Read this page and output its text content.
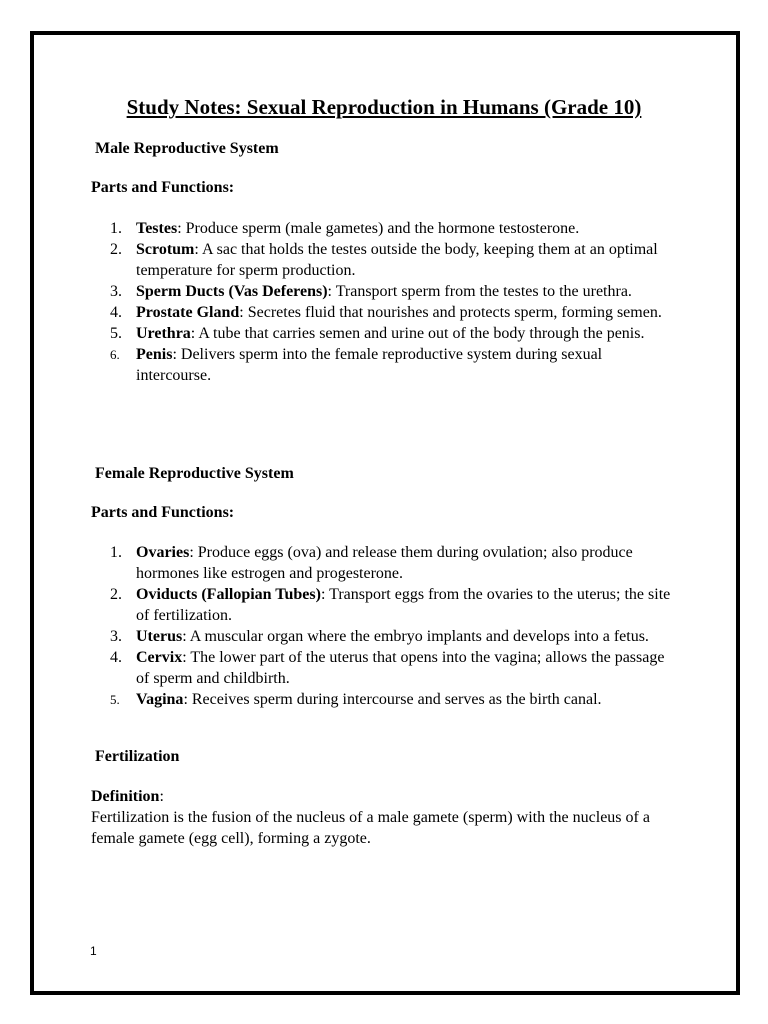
Study Notes: Sexual Reproduction in Humans (Grade 10)
Male Reproductive System
Parts and Functions:
1. Testes: Produce sperm (male gametes) and the hormone testosterone.
2. Scrotum: A sac that holds the testes outside the body, keeping them at an optimal temperature for sperm production.
3. Sperm Ducts (Vas Deferens): Transport sperm from the testes to the urethra.
4. Prostate Gland: Secretes fluid that nourishes and protects sperm, forming semen.
5. Urethra: A tube that carries semen and urine out of the body through the penis.
6.	Penis: Delivers sperm into the female reproductive system during sexual intercourse.
Female Reproductive System
Parts and Functions:
1. Ovaries: Produce eggs (ova) and release them during ovulation; also produce hormones like estrogen and progesterone.
2. Oviducts (Fallopian Tubes): Transport eggs from the ovaries to the uterus; the site of fertilization.
3. Uterus: A muscular organ where the embryo implants and develops into a fetus.
4. Cervix: The lower part of the uterus that opens into the vagina; allows the passage of sperm and childbirth.
5.	Vagina: Receives sperm during intercourse and serves as the birth canal.
Fertilization
Definition:
Fertilization is the fusion of the nucleus of a male gamete (sperm) with the nucleus of a female gamete (egg cell), forming a zygote.
1
